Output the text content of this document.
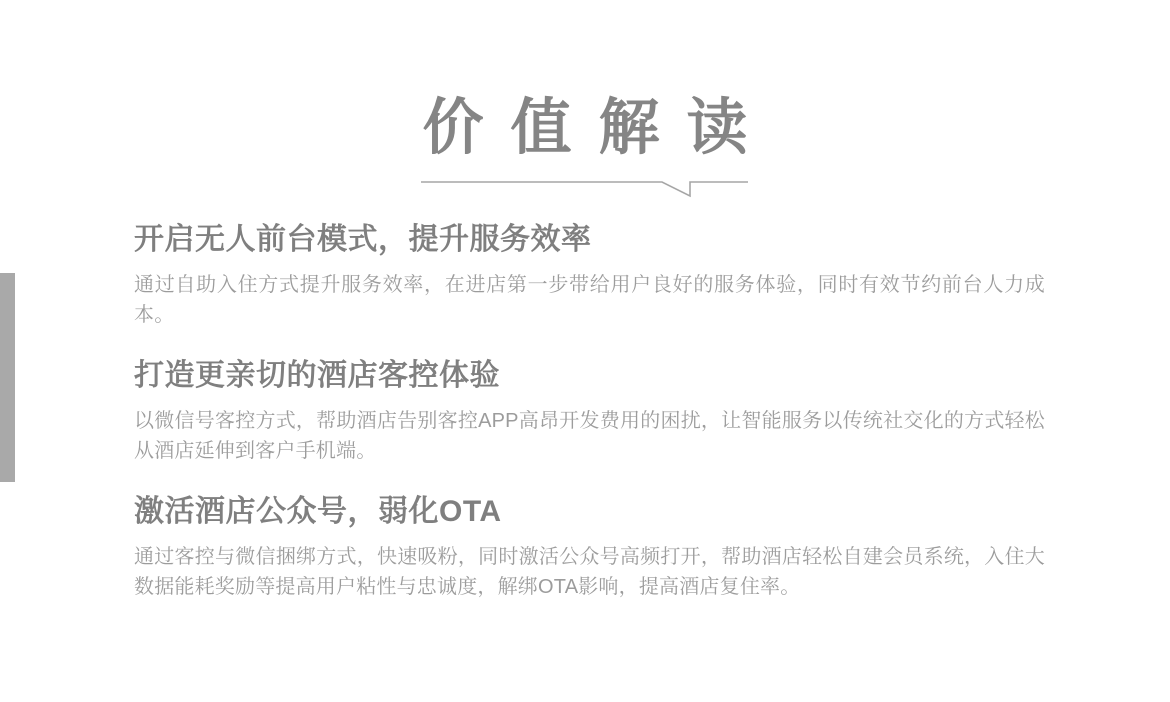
价值解读
开启无人前台模式，提升服务效率

通过自助入住方式提升服务效率，在进店第一步带给用户良好的服务体验，同时有效节约前台人力成本。

打造更亲切的酒店客控体验

以微信号客控方式，帮助酒店告别客控APP高昂开发费用的困扰，让智能服务以传统社交化的方式轻松从酒店延伸到客户手机端。

激活酒店公众号，弱化OTA

通过客控与微信捆绑方式，快速吸粉，同时激活公众号高频打开，帮助酒店轻松自建会员系统，入住大数据能耗奖励等提高用户粘性与忠诚度，解绑OTA影响，提高酒店复住率。
